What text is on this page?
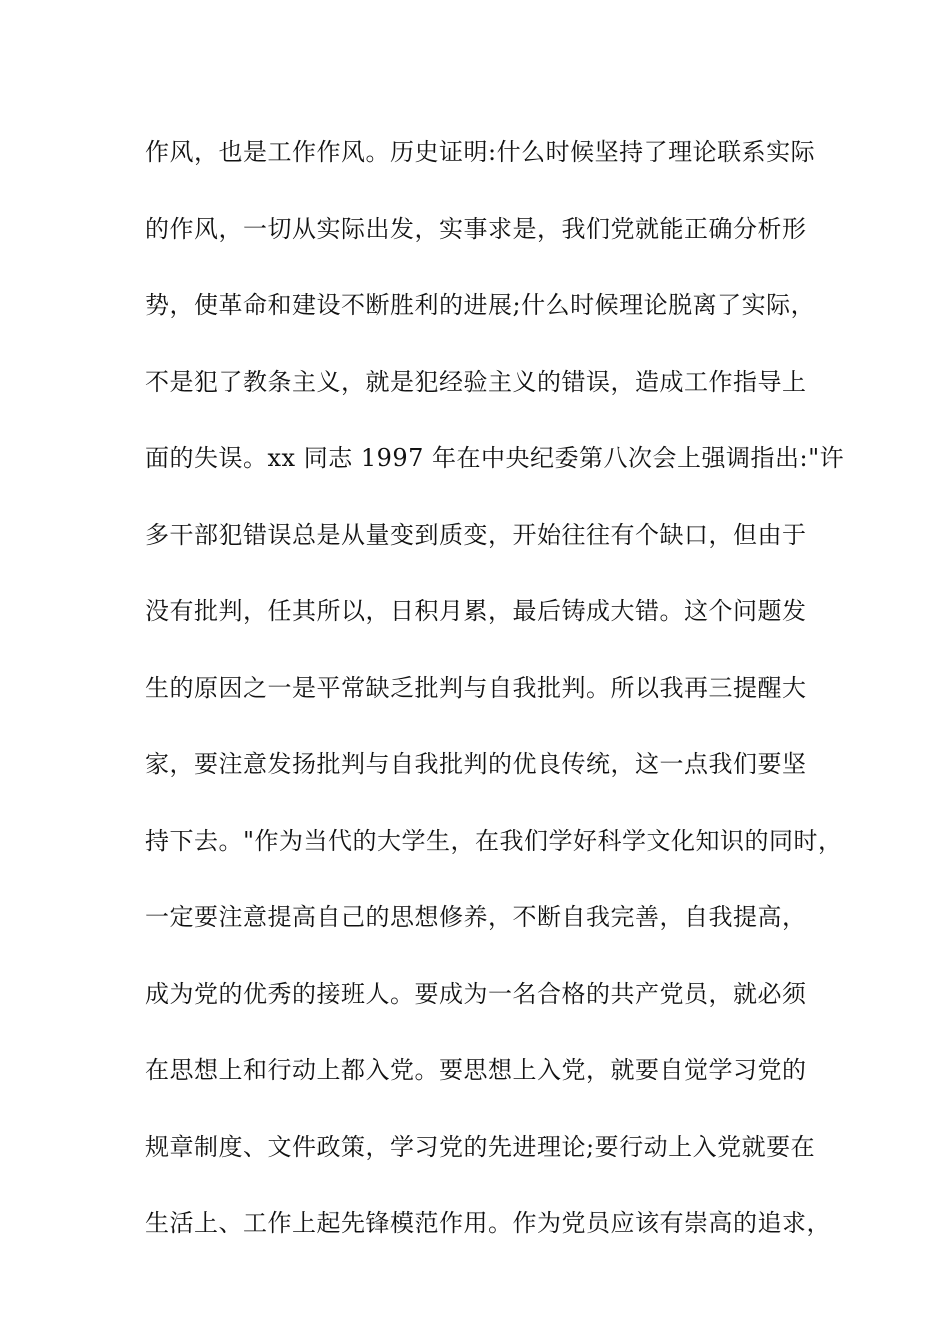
作风，也是工作作风。历史证明:什么时候坚持了理论联系实际
的作风，一切从实际出发，实事求是，我们党就能正确分析形
势，使革命和建设不断胜利的进展;什么时候理论脱离了实际，
不是犯了教条主义，就是犯经验主义的错误，造成工作指导上
面的失误。xx 同志 1997 年在中央纪委第八次会上强调指出:"许
多干部犯错误总是从量变到质变，开始往往有个缺口，但由于
没有批判，任其所以，日积月累，最后铸成大错。这个问题发
生的原因之一是平常缺乏批判与自我批判。所以我再三提醒大
家，要注意发扬批判与自我批判的优良传统，这一点我们要坚
持下去。"作为当代的大学生，在我们学好科学文化知识的同时，
一定要注意提高自己的思想修养，不断自我完善，自我提高，
成为党的优秀的接班人。要成为一名合格的共产党员，就必须
在思想上和行动上都入党。要思想上入党，就要自觉学习党的
规章制度、文件政策，学习党的先进理论;要行动上入党就要在
生活上、工作上起先锋模范作用。作为党员应该有崇高的追求，
